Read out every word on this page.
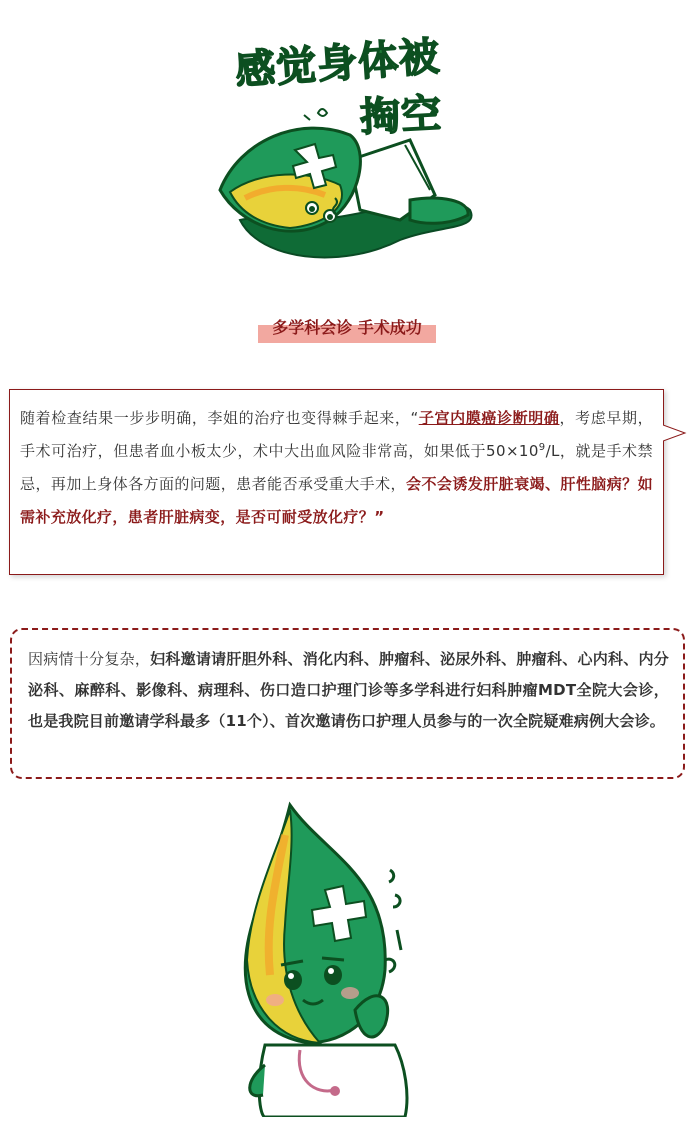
感觉身体被
掏空
多学科会诊 手术成功
随着检查结果一步步明确，李姐的治疗也变得棘手起来，“子宫内膜癌诊断明确，考虑早期，手术可治疗，但患者血小板太少，术中大出血风险非常高，如果低于$50\times 10^9/L$，就是手术禁忌，再加上身体各方面的问题，患者能否承受重大手术，会不会诱发肝脏衰竭、肝性脑病？如需补充放化疗，患者肝脏病变，是否可耐受放化疗？”
因病情十分复杂，妇科邀请请肝胆外科、消化内科、肿瘤科、泌尿外科、肿瘤科、心内科、内分泌科、麻醉科、影像科、病理科、伤口造口护理门诊等多学科进行妇科肿瘤MDT全院大会诊，也是我院目前邀请学科最多（11个）、首次邀请伤口护理人员参与的一次全院疑难病例大会诊。
